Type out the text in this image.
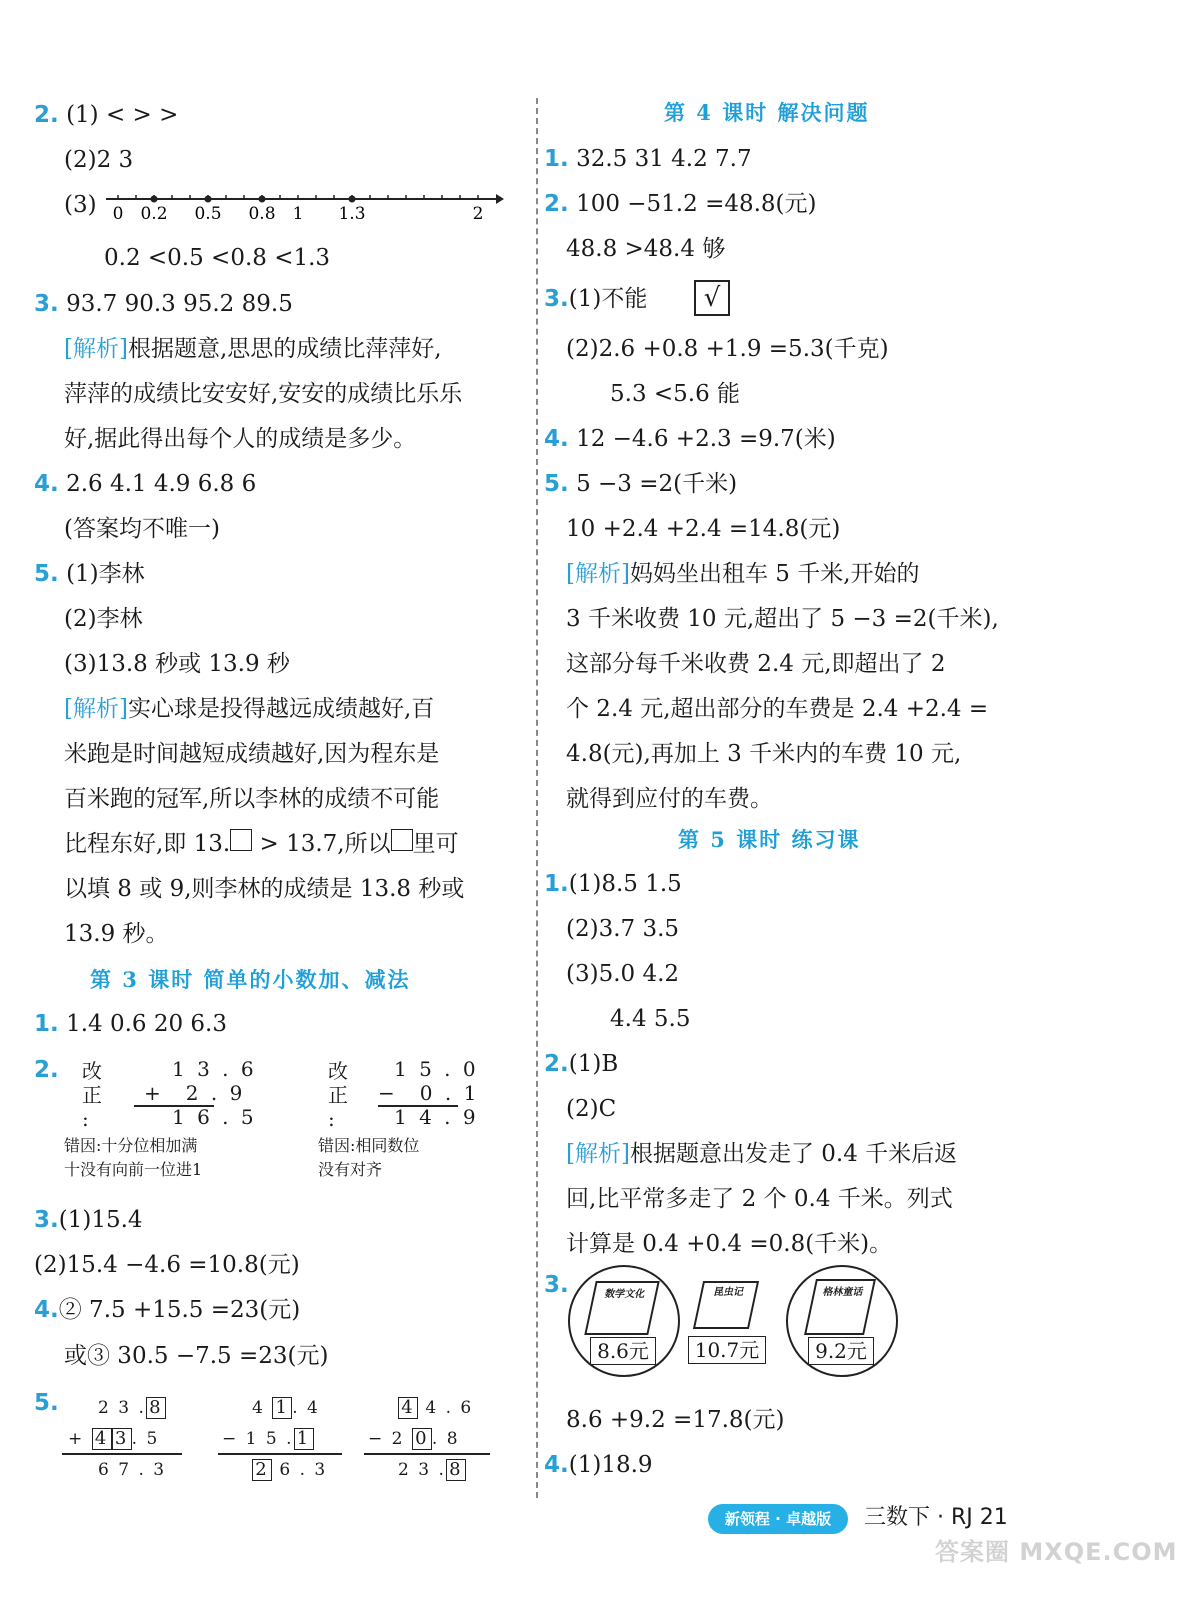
2. (1) < > >
(2)2 3
(3) 0 0.2 0.5 0.8 1 1.3	2
0.2 <0.5 <0.8 <1.3
3. 93.7 90.3 95.2 89.5
[解析]根据题意,思思的成绩比萍萍好,
萍萍的成绩比安安好,安安的成绩比乐乐
好,据此得出每个人的成绩是多少。
4. 2.6 4.1 4.9 6.8 6
(答案均不唯一)
5. (1)李林
(2)李林
(3)13.8 秒或 13.9 秒
[解析]实心球是投得越远成绩越好,百
米跑是时间越短成绩越好,因为程东是
百米跑的冠军,所以李林的成绩不可能
比程东好,即 13. > 13.7,所以 里可
以填 8 或 9,则李林的成绩是 13.8 秒或
13.9 秒。
第 3 课时 简单的小数加、减法
1. 1.4 0.6 20 6.3
2. 改
正
:
1 3 . 6
+ 2 . 9
1 6 . 5
错因:十分位相加满
十没有向前一位进1
改
正
:
1 5 . 0
− 0 . 1
1 4 . 9
错因:相同数位
没有对齐
3.(1)15.4
(2)15.4 −4.6 =10.8(元)
4.② 7.5 +15.5 =23(元)
或③ 30.5 −7.5 =23(元)
5.	2 3 . 8
+ 4 3 . 5
6 7 . 3
4 1 . 4
− 1 5 . 1
2 6 . 3
4 4 . 6
− 2 0 . 8
2 3 . 8
第 4 课时 解决问题
1. 32.5 31 4.2 7.7
2. 100 −51.2 =48.8(元)
48.8 >48.4 够
3.(1)不能	√
(2)2.6 +0.8 +1.9 =5.3(千克)
5.3 <5.6 能
4. 12 −4.6 +2.3 =9.7(米)
5. 5 −3 =2(千米)
10 +2.4 +2.4 =14.8(元)
[解析]妈妈坐出租车 5 千米,开始的
3 千米收费 10 元,超出了 5 −3 =2(千米),
这部分每千米收费 2.4 元,即超出了 2
个 2.4 元,超出部分的车费是 2.4 +2.4 =
4.8(元),再加上 3 千米内的车费 10 元,
就得到应付的车费。
第 5 课时 练习课
1.(1)8.5 1.5
(2)3.7 3.5
(3)5.0 4.2
4.4 5.5
2.(1)B
(2)C
[解析]根据题意出发走了 0.4 千米后返
回,比平常多走了 2 个 0.4 千米。列式
计算是 0.4 +0.4 =0.8(千米)。
3.	数学文化
8.6元
昆虫记
10.7元
格林童话
9.2元
8.6 +9.2 =17.8(元)
4.(1)18.9
新领程 · 卓越版	三数下 · RJ 21
答案圈 MXQE.COM
